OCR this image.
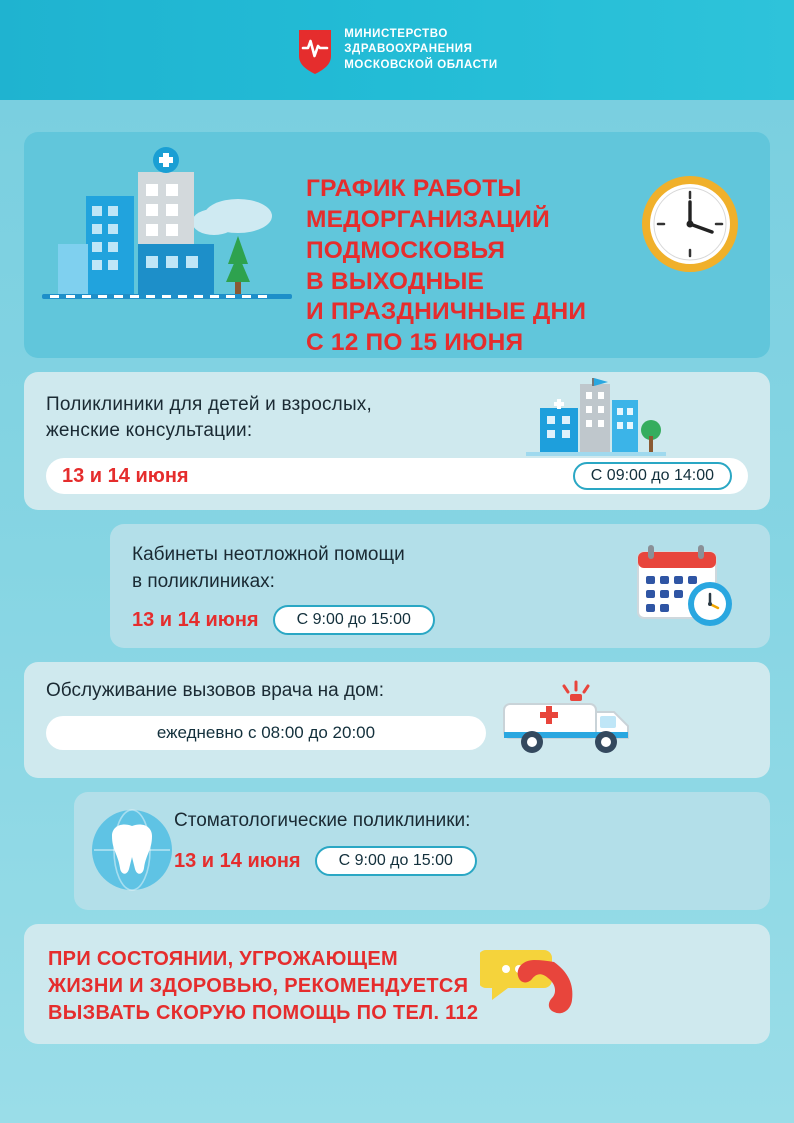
МИНИСТЕРСТВО
ЗДРАВООХРАНЕНИЯ
МОСКОВСКОЙ ОБЛАСТИ
ГРАФИК РАБОТЫ
МЕДОРГАНИЗАЦИЙ
ПОДМОСКОВЬЯ
В ВЫХОДНЫЕ
И ПРАЗДНИЧНЫЕ ДНИ
С 12 ПО 15 ИЮНЯ
Поликлиники для детей и взрослых,
женские консультации:
13 и 14 июня	С 09:00 до 14:00
Кабинеты неотложной помощи
в поликлиниках:
13 и 14 июня	С 9:00 до 15:00
Обслуживание вызовов врача на дом:
ежедневно с 08:00 до 20:00
Стоматологические поликлиники:
13 и 14 июня	С 9:00 до 15:00
ПРИ СОСТОЯНИИ, УГРОЖАЮЩЕМ
ЖИЗНИ И ЗДОРОВЬЮ, РЕКОМЕНДУЕТСЯ
ВЫЗВАТЬ СКОРУЮ ПОМОЩЬ ПО ТЕЛ. 112
